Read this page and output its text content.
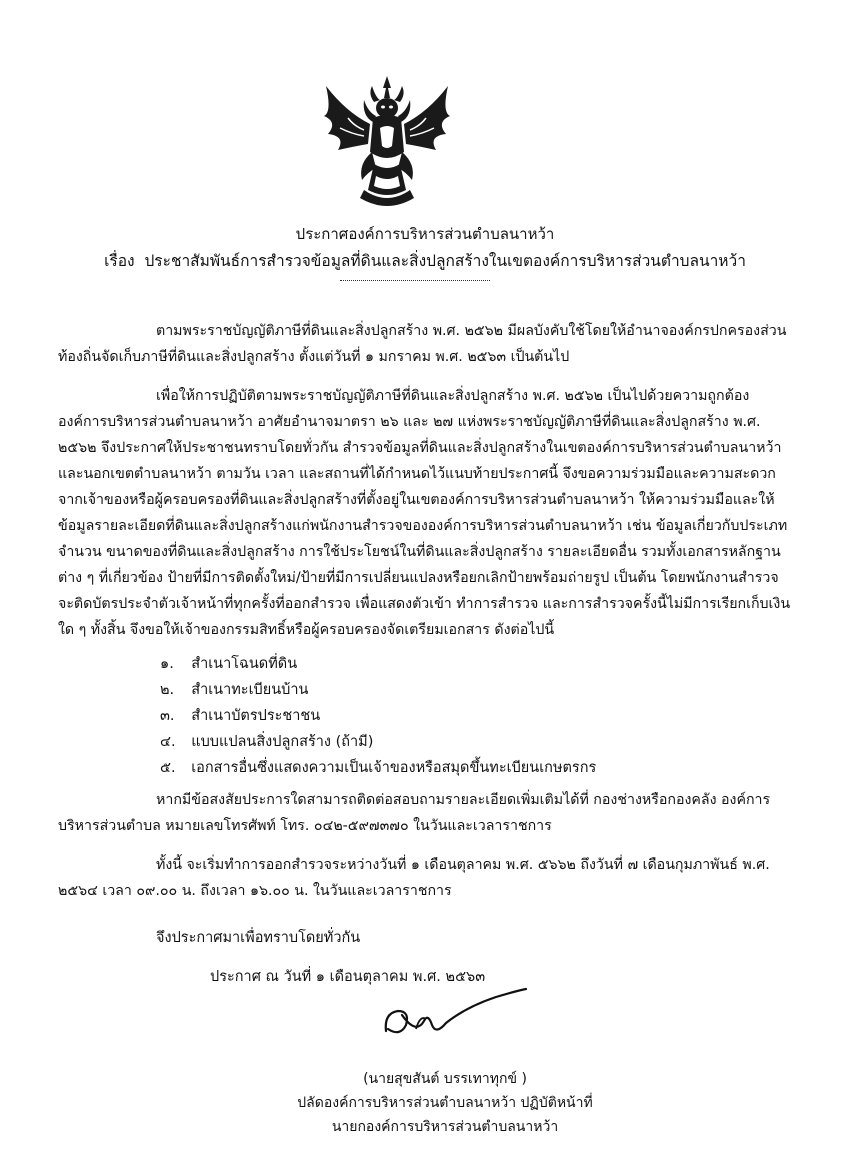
ประกาศองค์การบริหารส่วนตำบลนาหว้า
เรื่อง ประชาสัมพันธ์การสำรวจข้อมูลที่ดินและสิ่งปลูกสร้างในเขตองค์การบริหารส่วนตำบลนาหว้า
ตามพระราชบัญญัติภาษีที่ดินและสิ่งปลูกสร้าง พ.ศ. ๒๕๖๒ มีผลบังคับใช้โดยให้อำนาจองค์กรปกครองส่วน
ท้องถิ่นจัดเก็บภาษีที่ดินและสิ่งปลูกสร้าง ตั้งแต่วันที่ ๑ มกราคม พ.ศ. ๒๕๖๓ เป็นต้นไป
เพื่อให้การปฏิบัติตามพระราชบัญญัติภาษีที่ดินและสิ่งปลูกสร้าง พ.ศ. ๒๕๖๒ เป็นไปด้วยความถูกต้อง
องค์การบริหารส่วนตำบลนาหว้า อาศัยอำนาจมาตรา ๒๖ และ ๒๗ แห่งพระราชบัญญัติภาษีที่ดินและสิ่งปลูกสร้าง พ.ศ.
๒๕๖๒ จึงประกาศให้ประชาชนทราบโดยทั่วกัน สำรวจข้อมูลที่ดินและสิ่งปลูกสร้างในเขตองค์การบริหารส่วนตำบลนาหว้า
และนอกเขตตำบลนาหว้า ตามวัน เวลา และสถานที่ได้กำหนดไว้แนบท้ายประกาศนี้ จึงขอความร่วมมือและความสะดวก
จากเจ้าของหรือผู้ครอบครองที่ดินและสิ่งปลูกสร้างที่ตั้งอยู่ในเขตองค์การบริหารส่วนตำบลนาหว้า ให้ความร่วมมือและให้
ข้อมูลรายละเอียดที่ดินและสิ่งปลูกสร้างแก่พนักงานสำรวจขององค์การบริหารส่วนตำบลนาหว้า เช่น ข้อมูลเกี่ยวกับประเภท
จำนวน ขนาดของที่ดินและสิ่งปลูกสร้าง การใช้ประโยชน์ในที่ดินและสิ่งปลูกสร้าง รายละเอียดอื่น รวมทั้งเอกสารหลักฐาน
ต่าง ๆ ที่เกี่ยวข้อง ป้ายที่มีการติดตั้งใหม่/ป้ายที่มีการเปลี่ยนแปลงหรือยกเลิกป้ายพร้อมถ่ายรูป เป็นต้น โดยพนักงานสำรวจ
จะติดบัตรประจำตัวเจ้าหน้าที่ทุกครั้งที่ออกสำรวจ เพื่อแสดงตัวเข้า ทำการสำรวจ และการสำรวจครั้งนี้ไม่มีการเรียกเก็บเงิน
ใด ๆ ทั้งสิ้น จึงขอให้เจ้าของกรรมสิทธิ์หรือผู้ครอบครองจัดเตรียมเอกสาร ดังต่อไปนี้
๑. สำเนาโฉนดที่ดิน
๒. สำเนาทะเบียนบ้าน
๓. สำเนาบัตรประชาชน
๔. แบบแปลนสิ่งปลูกสร้าง (ถ้ามี)
๕. เอกสารอื่นซึ่งแสดงความเป็นเจ้าของหรือสมุดขึ้นทะเบียนเกษตรกร
หากมีข้อสงสัยประการใดสามารถติดต่อสอบถามรายละเอียดเพิ่มเติมได้ที่ กองช่างหรือกองคลัง องค์การ
บริหารส่วนตำบล หมายเลขโทรศัพท์ โทร. ๐๔๒-๕๙๗๓๗๐ ในวันและเวลาราชการ
ทั้งนี้ จะเริ่มทำการออกสำรวจระหว่างวันที่ ๑ เดือนตุลาคม พ.ศ. ๕๖๖๒ ถึงวันที่ ๗ เดือนกุมภาพันธ์ พ.ศ.
๒๕๖๔ เวลา ๐๙.๐๐ น. ถึงเวลา ๑๖.๐๐ น. ในวันและเวลาราชการ
จึงประกาศมาเพื่อทราบโดยทั่วกัน
ประกาศ ณ วันที่ ๑ เดือนตุลาคม พ.ศ. ๒๕๖๓
(นายสุขสันต์ บรรเทาทุกข์ )
ปลัดองค์การบริหารส่วนตำบลนาหว้า ปฏิบัติหน้าที่
นายกองค์การบริหารส่วนตำบลนาหว้า
